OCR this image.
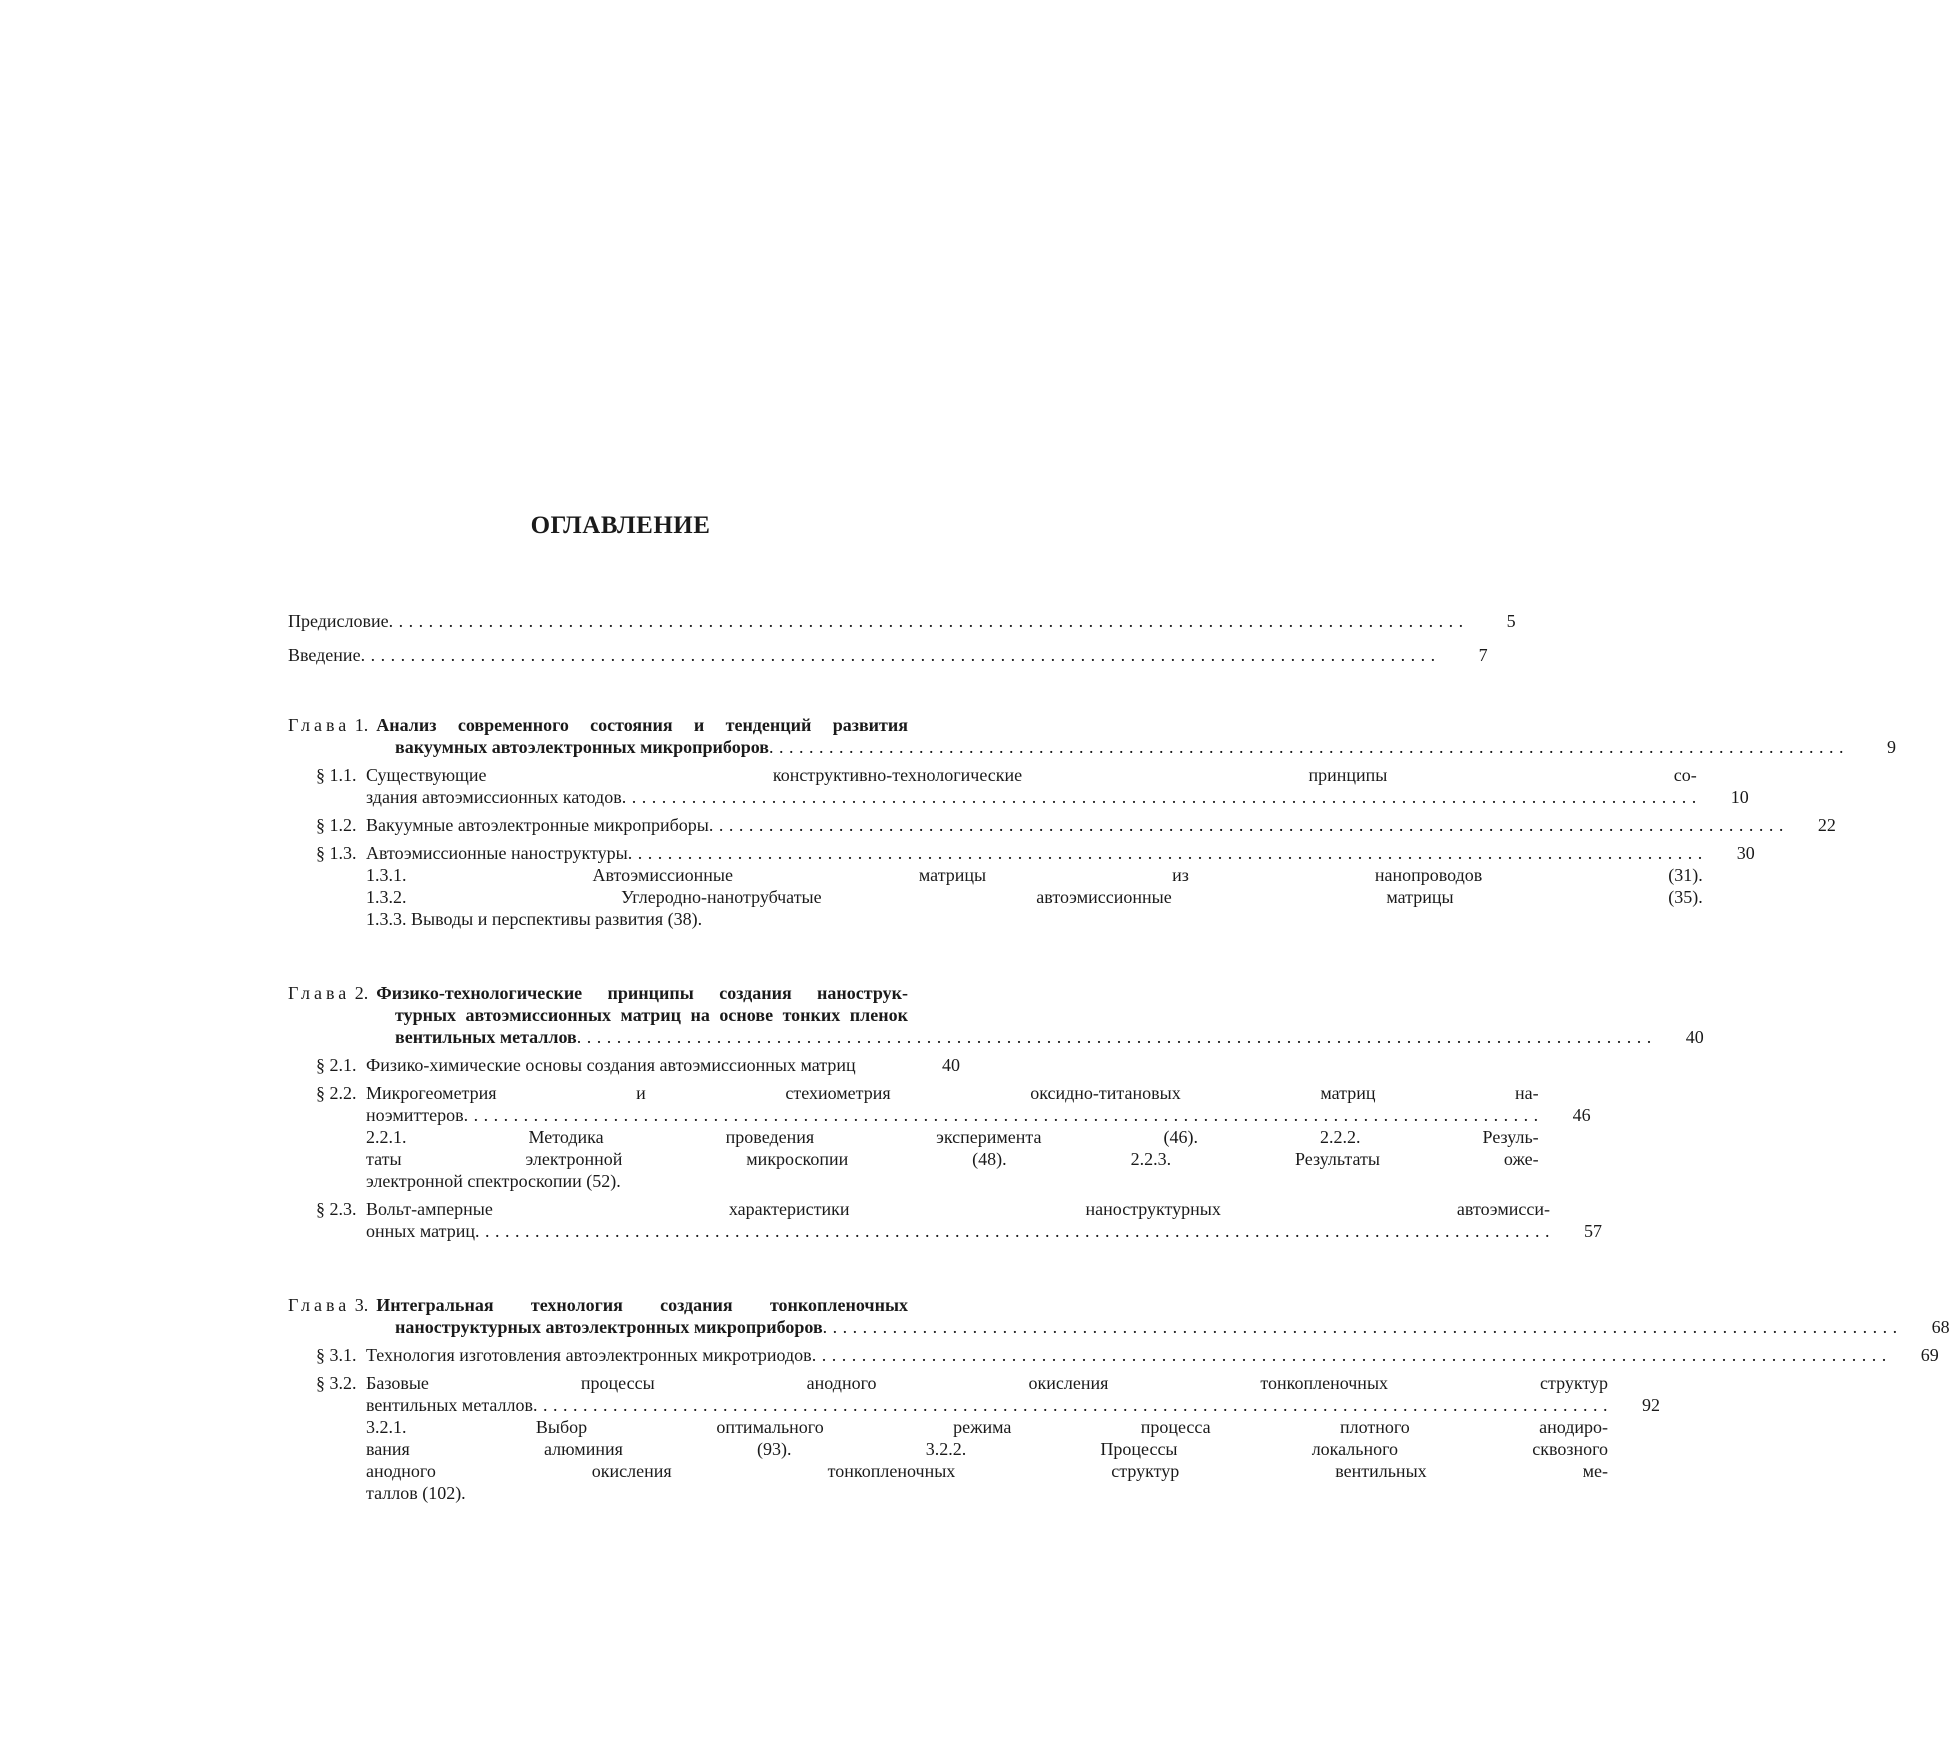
ОГЛАВЛЕНИЕ
Предисловие . . .	5
Введение . . .	7
Глава 1. Анализ современного состояния и тенденций развития
вакуумных автоэлектронных микроприборов . . .	9
§ 1.1. Существующие конструктивно-технологические принципы со-
здания автоэмиссионных катодов . . .	10
§ 1.2. Вакуумные автоэлектронные микроприборы . . .	22
§ 1.3. Автоэмиссионные наноструктуры . . .	30
1.3.1. Автоэмиссионные матрицы из нанопроводов (31).
1.3.2. Углеродно-нанотрубчатые автоэмиссионные матрицы (35).
1.3.3. Выводы и перспективы развития (38).
Глава 2. Физико-технологические принципы создания нанострук-
турных автоэмиссионных матриц на основе тонких пленок
вентильных металлов . . .	40
§ 2.1. Физико-химические основы создания автоэмиссионных матриц	40
§ 2.2. Микрогеометрия и стехиометрия оксидно-титановых матриц на-
ноэмиттеров . . .	46
2.2.1. Методика проведения эксперимента (46). 2.2.2. Резуль-
таты электронной микроскопии (48). 2.2.3. Результаты оже-
электронной спектроскопии (52).
§ 2.3. Вольт-амперные характеристики наноструктурных автоэмисси-
онных матриц . . .	57
Глава 3. Интегральная технология создания тонкопленочных
наноструктурных автоэлектронных микроприборов . . .	68
§ 3.1. Технология изготовления автоэлектронных микротриодов . . .	69
§ 3.2. Базовые процессы анодного окисления тонкопленочных структур
вентильных металлов . . .	92
3.2.1. Выбор оптимального режима процесса плотного анодиро-
вания алюминия (93). 3.2.2. Процессы локального сквозного
анодного окисления тонкопленочных структур вентильных ме-
таллов (102).
